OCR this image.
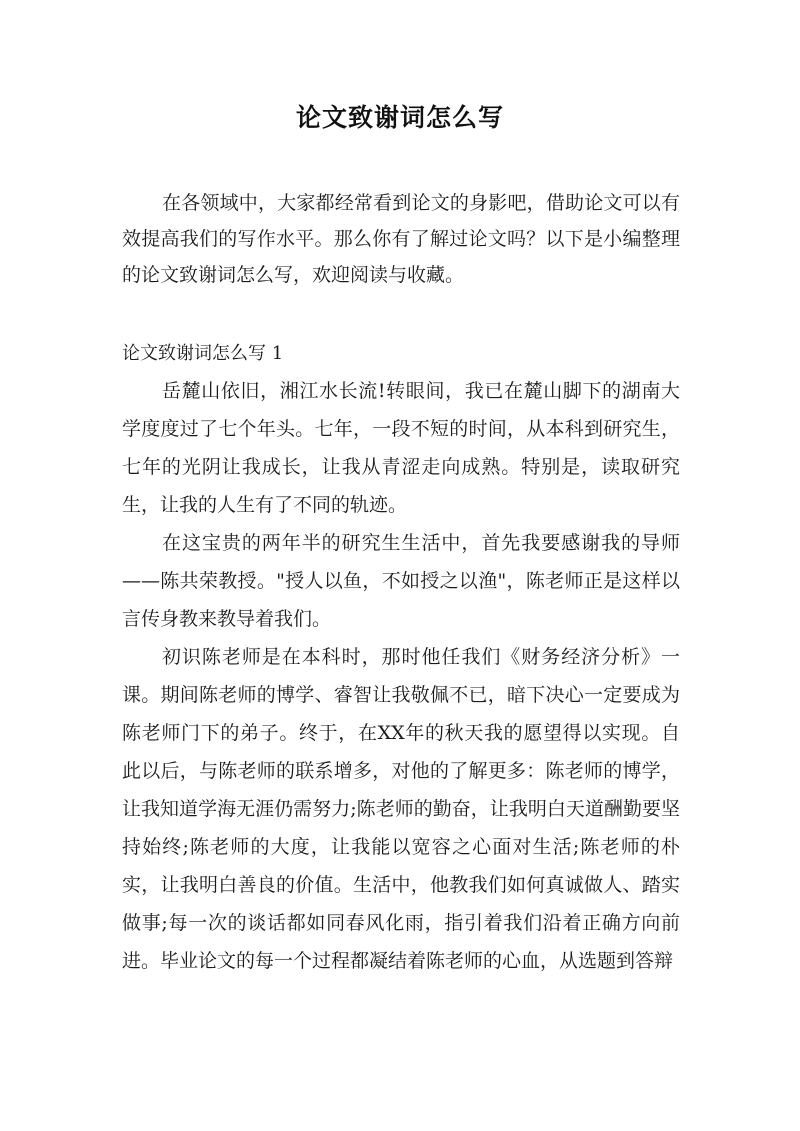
论文致谢词怎么写

在各领域中，大家都经常看到论文的身影吧，借助论文可以有效提高我们的写作水平。那么你有了解过论文吗？以下是小编整理的论文致谢词怎么写，欢迎阅读与收藏。

论文致谢词怎么写 1

岳麓山依旧，湘江水长流!转眼间，我已在麓山脚下的湖南大学度度过了七个年头。七年，一段不短的时间，从本科到研究生，七年的光阴让我成长，让我从青涩走向成熟。特别是，读取研究生，让我的人生有了不同的轨迹。

在这宝贵的两年半的研究生生活中，首先我要感谢我的导师——陈共荣教授。"授人以鱼，不如授之以渔"，陈老师正是这样以言传身教来教导着我们。

初识陈老师是在本科时，那时他任我们《财务经济分析》一课。期间陈老师的博学、睿智让我敬佩不已，暗下决心一定要成为陈老师门下的弟子。终于，在XX年的秋天我的愿望得以实现。自此以后，与陈老师的联系增多，对他的了解更多：陈老师的博学，让我知道学海无涯仍需努力;陈老师的勤奋，让我明白天道酬勤要坚持始终;陈老师的大度，让我能以宽容之心面对生活;陈老师的朴实，让我明白善良的价值。生活中，他教我们如何真诚做人、踏实做事;每一次的谈话都如同春风化雨，指引着我们沿着正确方向前进。毕业论文的每一个过程都凝结着陈老师的心血，从选题到答辩
